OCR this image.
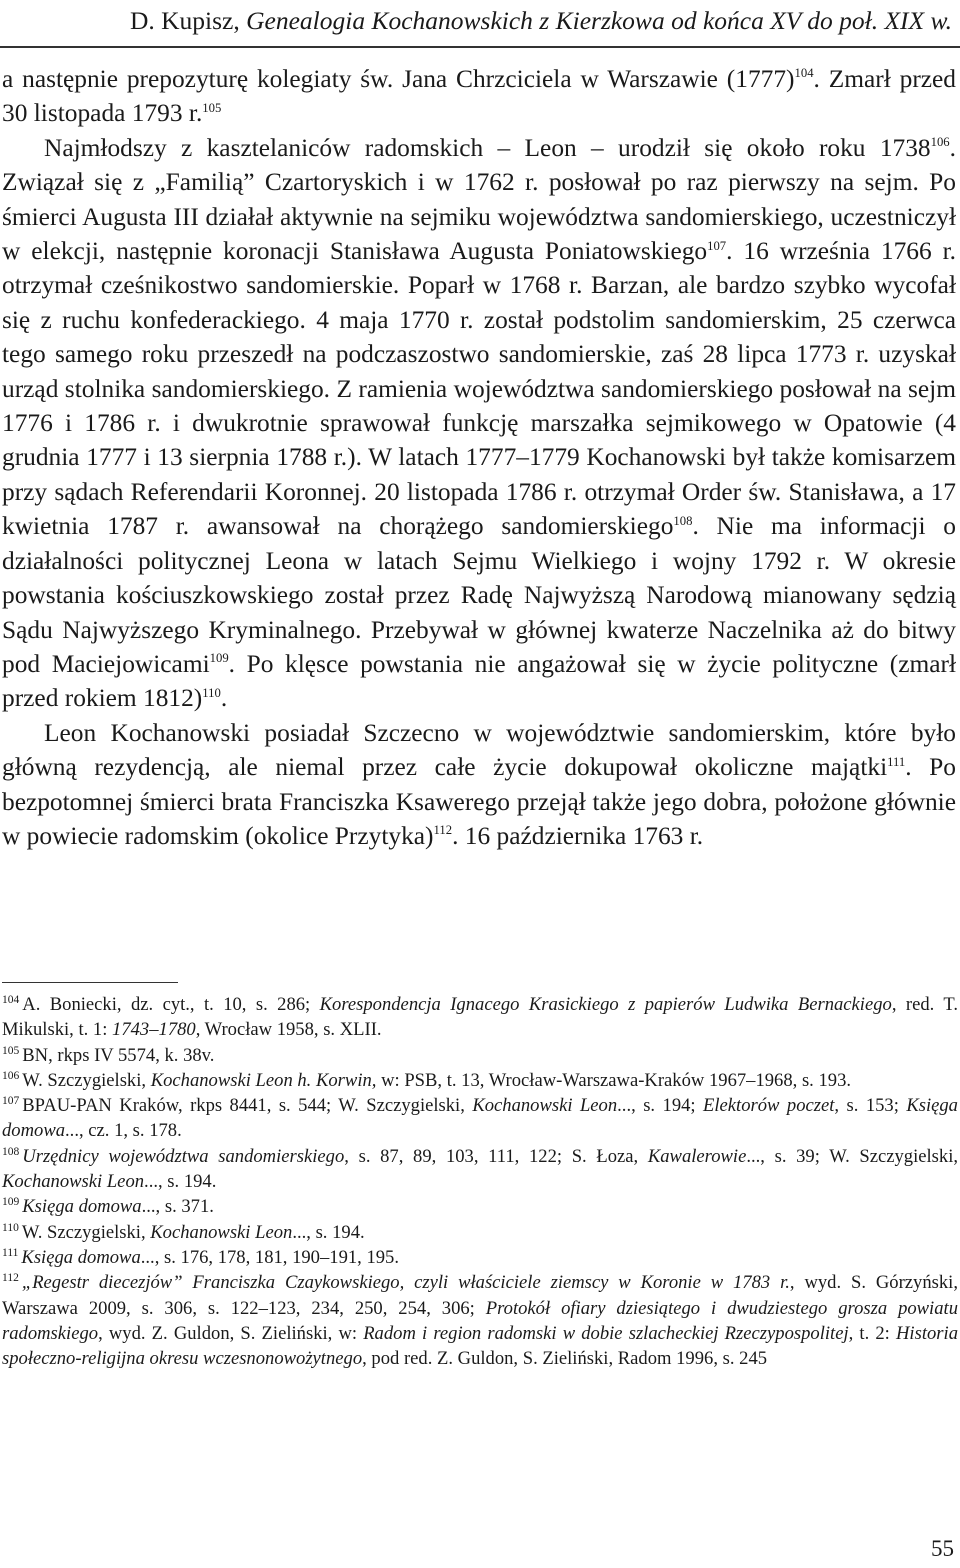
D. Kupisz, Genealogia Kochanowskich z Kierzkowa od końca XV do poł. XIX w.

a następnie prepozyturę kolegiaty św. Jana Chrzciciela w Warszawie $(1777)^{104}$. Zmarł przed 30 listopada 1793 r.$^{105}$

Najmłodszy z kasztelaniców radomskich – Leon – urodził się około roku 1738$^{106}$. Związał się z „Familią” Czartoryskich i w 1762 r. posłował po raz pierwszy na sejm. Po śmierci Augusta III działał aktywnie na sejmiku województwa sandomierskiego, uczestniczył w elekcji, następnie koronacji Stanisława Augusta Poniatowskiego$^{107}$. 16 września 1766 r. otrzymał cześnikostwo sandomierskie. Poparł w 1768 r. Barzan, ale bardzo szybko wycofał się z ruchu konfederackiego. 4 maja 1770 r. został podstolim sandomierskim, 25 czerwca tego samego roku przeszedł na podczaszostwo sandomierskie, zaś 28 lipca 1773 r. uzyskał urząd stolnika sandomierskiego. Z ramienia województwa sandomierskiego posłował na sejm 1776 i 1786 r. i dwukrotnie sprawował funkcję marszałka sejmikowego w Opatowie (4 grudnia 1777 i 13 sierpnia 1788 r.). W latach 1777–1779 Kochanowski był także komisarzem przy sądach Referendarii Koronnej. 20 listopada 1786 r. otrzymał Order św. Stanisława, a 17 kwietnia 1787 r. awansował na chorążego sandomierskiego$^{108}$. Nie ma informacji o działalności politycznej Leona w latach Sejmu Wielkiego i wojny 1792 r. W okresie powstania kościuszkowskiego został przez Radę Najwyższą Narodową mianowany sędzią Sądu Najwyższego Kryminalnego. Przebywał w głównej kwaterze Naczelnika aż do bitwy pod Maciejowicami$^{109}$. Po klęsce powstania nie angażował się w życie polityczne (zmarł przed rokiem 1812)$^{110}$.

Leon Kochanowski posiadał Szczecno w województwie sandomierskim, które było główną rezydencją, ale niemal przez całe życie dokupował okoliczne majątki$^{111}$. Po bezpotomnej śmierci brata Franciszka Ksawerego przejął także jego dobra, położone głównie w powiecie radomskim (okolice Przytyka)$^{112}$. 16 października 1763 r.

$^{104}$ A. Boniecki, dz. cyt., t. 10, s. 286; Korespondencja Ignacego Krasickiego z papierów Ludwika Bernackiego, red. T. Mikulski, t. 1: 1743–1780, Wrocław 1958, s. XLII.

$^{105}$ BN, rkps IV 5574, k. 38v.

$^{106}$ W. Szczygielski, Kochanowski Leon h. Korwin, w: PSB, t. 13, Wrocław-Warszawa-Kraków 1967–1968, s. 193.

$^{107}$ BPAU-PAN Kraków, rkps 8441, s. 544; W. Szczygielski, Kochanowski Leon..., s. 194; Elektorów poczet, s. 153; Księga domowa..., cz. 1, s. 178.

$^{108}$ Urzędnicy województwa sandomierskiego, s. 87, 89, 103, 111, 122; S. Łoza, Kawalerowie..., s. 39; W. Szczygielski, Kochanowski Leon..., s. 194.

$^{109}$ Księga domowa..., s. 371.

$^{110}$ W. Szczygielski, Kochanowski Leon..., s. 194.

$^{111}$ Księga domowa..., s. 176, 178, 181, 190–191, 195.

$^{112}$ „Regestr diecezjów” Franciszka Czaykowskiego, czyli właściciele ziemscy w Koronie w 1783 r., wyd. S. Górzyński, Warszawa 2009, s. 306, s. 122–123, 234, 250, 254, 306; Protokół ofiary dziesiątego i dwudziestego grosza powiatu radomskiego, wyd. Z. Guldon, S. Zieliński, w: Radom i region radomski w dobie szlacheckiej Rzeczypospolitej, t. 2: Historia społeczno-religijna okresu wczesnonowożytnego, pod red. Z. Guldon, S. Zieliński, Radom 1996, s. 245

55
